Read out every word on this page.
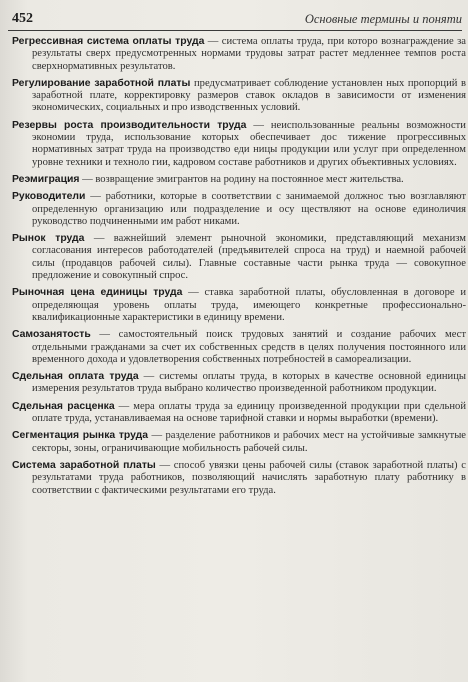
452	Основные термины и поняти

Регрессивная система оплаты труда — система оплаты труда, при которо вознаграждение за результаты сверх предусмотренных нормами трудовы затрат растет медленнее темпов роста сверхнормативных результатов.

Регулирование заработной платы предусматривает соблюдение установлен ных пропорций в заработной плате, корректировку размеров ставок окладов в зависимости от изменения экономических, социальных и про изводственных условий.

Резервы роста производительности труда — неиспользованные реальны возможности экономии труда, использование которых обеспечивает дос тижение прогрессивных нормативных затрат труда на производство еди ницы продукции или услуг при определенном уровне техники и техноло гии, кадровом составе работников и других объективных условиях.

Реэмиграция — возвращение эмигрантов на родину на постоянное мест жительства.

Руководители — работники, которые в соответствии с занимаемой должнос тью возглавляют определенную организацию или подразделение и осу ществляют на основе единоличия руководство подчиненными им работ никами.

Рынок труда — важнейший элемент рыночной экономики, представляющий механизм согласования интересов работодателей (предъявителей спроса на труд) и наемной рабочей силы (продавцов рабочей силы). Главные составные части рынка труда — совокупное предложение и совокупный спрос.

Рыночная цена единицы труда — ставка заработной платы, обусловленная в договоре и определяющая уровень оплаты труда, имеющего конкретные профессионально-квалификационные характеристики в единицу времени.

Самозанятость — самостоятельный поиск трудовых занятий и создание рабочих мест отдельными гражданами за счет их собственных средств в целях получения постоянного или временного дохода и удовлетворения собственных потребностей в самореализации.

Сдельная оплата труда — системы оплаты труда, в которых в качестве основной единицы измерения результатов труда выбрано количество произведенной работником продукции.

Сдельная расценка — мера оплаты труда за единицу произведенной продукции при сдельной оплате труда, устанавливаемая на основе тарифной ставки и нормы выработки (времени).

Сегментация рынка труда — разделение работников и рабочих мест на устойчивые замкнутые секторы, зоны, ограничивающие мобильность рабочей силы.

Система заработной платы — способ увязки цены рабочей силы (ставок заработной платы) с результатами труда работников, позволяющий начислять заработную плату работнику в соответствии с фактическими результатами его труда.
